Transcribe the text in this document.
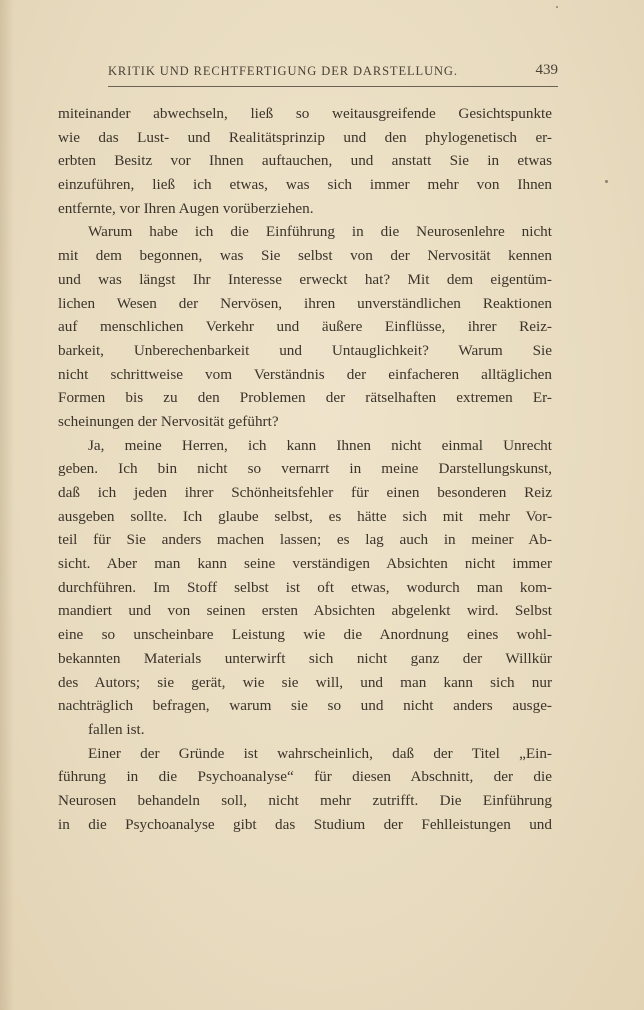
KRITIK UND RECHTFERTIGUNG DER DARSTELLUNG.	439
miteinander abwechseln, ließ so weitausgreifende Gesichtspunkte
wie das Lust- und Realitätsprinzip und den phylogenetisch er-
erbten Besitz vor Ihnen auftauchen, und anstatt Sie in etwas
einzuführen, ließ ich etwas, was sich immer mehr von Ihnen
entfernte, vor Ihren Augen vorüberziehen.
Warum habe ich die Einführung in die Neurosenlehre nicht
mit dem begonnen, was Sie selbst von der Nervosität kennen
und was längst Ihr Interesse erweckt hat? Mit dem eigentüm-
lichen Wesen der Nervösen, ihren unverständlichen Reaktionen
auf menschlichen Verkehr und äußere Einflüsse, ihrer Reiz-
barkeit, Unberechenbarkeit und Untauglichkeit? Warum Sie
nicht schrittweise vom Verständnis der einfacheren alltäglichen
Formen bis zu den Problemen der rätselhaften extremen Er-
scheinungen der Nervosität geführt?
Ja, meine Herren, ich kann Ihnen nicht einmal Unrecht
geben. Ich bin nicht so vernarrt in meine Darstellungskunst,
daß ich jeden ihrer Schönheitsfehler für einen besonderen Reiz
ausgeben sollte. Ich glaube selbst, es hätte sich mit mehr Vor-
teil für Sie anders machen lassen; es lag auch in meiner Ab-
sicht. Aber man kann seine verständigen Absichten nicht immer
durchführen. Im Stoff selbst ist oft etwas, wodurch man kom-
mandiert und von seinen ersten Absichten abgelenkt wird. Selbst
eine so unscheinbare Leistung wie die Anordnung eines wohl-
bekannten Materials unterwirft sich nicht ganz der Willkür
des Autors; sie gerät, wie sie will, und man kann sich nur
nachträglich befragen, warum sie so und nicht anders ausge-
fallen ist.
Einer der Gründe ist wahrscheinlich, daß der Titel „Ein-
führung in die Psychoanalyse“ für diesen Abschnitt, der die
Neurosen behandeln soll, nicht mehr zutrifft. Die Einführung
in die Psychoanalyse gibt das Studium der Fehlleistungen und
